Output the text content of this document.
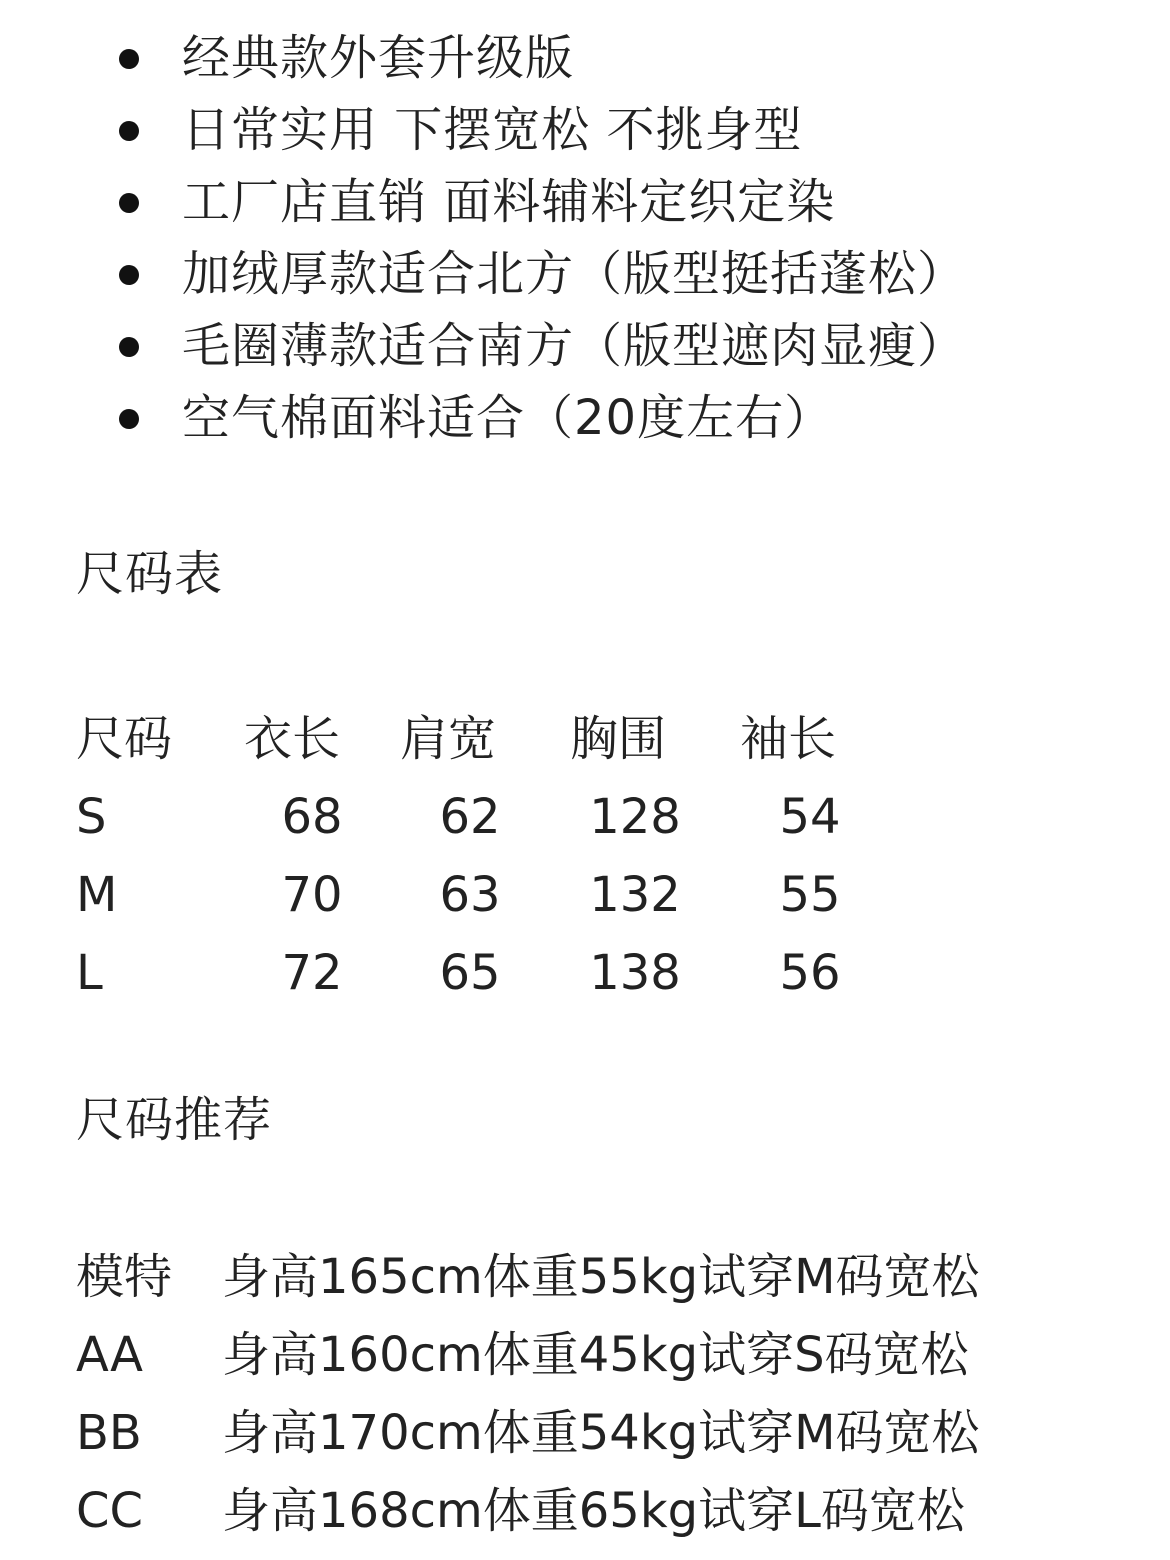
经典款外套升级版
日常实用 下摆宽松 不挑身型
工厂店直销 面料辅料定织定染
加绒厚款适合北方（版型挺括蓬松）
毛圈薄款适合南方（版型遮肉显瘦）
空气棉面料适合（20度左右）
尺码表
尺码	衣长	肩宽	胸围	袖长
S	68	62	128	54
M	70	63	132	55
L	72	65	138	56
尺码推荐
模特 身高165cm体重55kg试穿M码宽松
AA 身高160cm体重45kg试穿S码宽松
BB 身高170cm体重54kg试穿M码宽松
CC 身高168cm体重65kg试穿L码宽松
